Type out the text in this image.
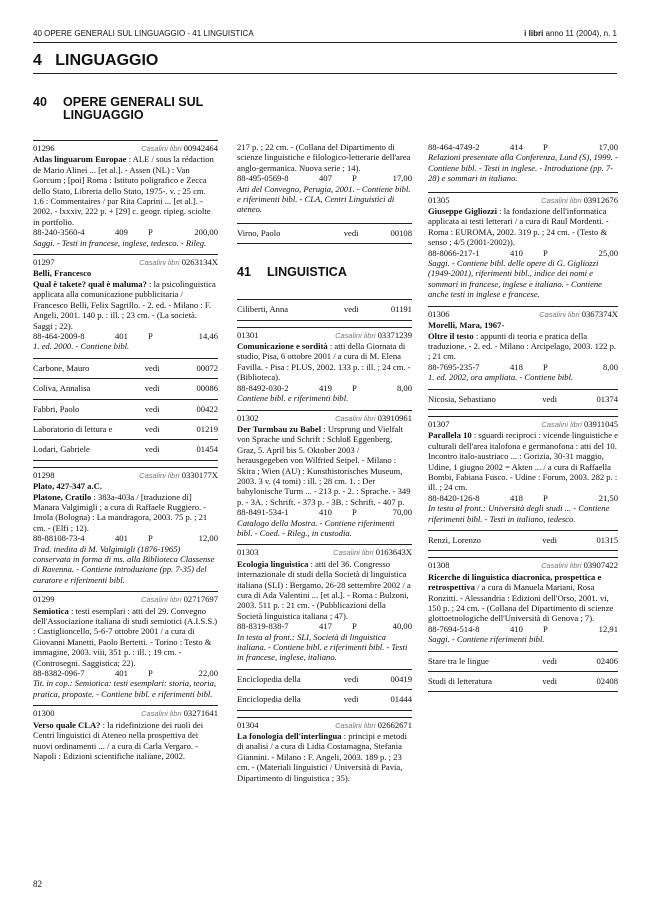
40 OPERE GENERALI SUL LINGUAGGIO - 41 LINGUISTICA	i libri anno 11 (2004), n. 1
4 LINGUAGGIO
40	OPERE GENERALI SUL LINGUAGGIO
01296	Casalini libri 00942464
Atlas linguarum Europae : ALE / sous la rédaction de Mario Alinei ... [et al.]. - Assen (NL) : Van Gorcum ; [poi] Roma : Istituto poligrafico e Zecca dello Stato, Libreria dello Stato, 1975-. v. ; 25 cm. 1.6 : Commentaires / par Rita Caprini ... [et al.]. - 2002. - lxxxiv, 222 p. + [29] c. geogr. ripieg. sciolte in portfolio.
88-240-3560-4	409	P	200,00
Saggi. - Testi in francese, inglese, tedesco. - Rileg.
01297	Casalini libri 0263134X
Belli, Francesco
Qual è takete? qual è maluma? : la psicolinguistica applicata alla comunicazione pubblicitaria / Francesco Belli, Felix Sagrillo. - 2. ed. - Milano : F. Angeli, 2001. 140 p. : ill. ; 23 cm. - (La società. Saggi ; 22).
88-464-2009-8	401	P	14,46
1. ed. 2000. - Contiene bibl.
Carbone, Mauro	vedi	00072
Coliva, Annalisa	vedi	00086
Fabbri, Paolo	vedi	00422
Laboratorio di lettura e	vedi	01219
Lodari, Gabriele	vedi	01454
01298	Casalini libri 0330177X
Plato, 427-347 a.C.
Platone, Cratilo : 383a-403a / [traduzione di] Manara Valgimigli ; a cura di Raffaele Ruggiero. - Imola (Bologna) : La mandragora, 2003. 75 p. ; 21 cm. - (Elfi ; 12).
88-88108-73-4	401	P	12,00
Trad. inedita di M. Valgimigli (1876-1965) conservata in forma di ms. alla Biblioteca Classense di Ravenna. - Contiene introduzione (pp. 7-35) del curatore e riferimenti bibl.
01299	Casalini libri 02717697
Semiotica : testi esemplari : atti del 29. Convegno dell'Associazione italiana di studi semiotici (A.I.S.S.) : Castiglioncello, 5-6-7 ottobre 2001 / a cura di Giovanni Manetti, Paolo Bertetti. - Torino : Testo & immagine, 2003. viii, 351 p. : ill. ; 19 cm. - (Controsegni. Saggistica; 22).
88-8382-096-7	401	P	22,00
Tit. in cop.: Semiotica: testi esemplari: storia, teoria, pratica, proposte. - Contiene bibl. e riferimenti bibl.
01300	Casalini libri 03271641
Verso quale CLA? : la ridefinizione dei ruoli dei Centri linguistici di Ateneo nella prospettiva dei nuovi ordinamenti ... / a cura di Carla Vergaro. - Napoli : Edizioni scientifiche italiane, 2002.
217 p. ; 22 cm. - (Collana del Dipartimento di scienze linguistiche e filologico-letterarie dell'area anglo-germanica. Nuova serie ; 14).
88-495-0569-8	407	P	17,00
Atti del Convegno, Perugia, 2001. - Contiene bibl. e riferimenti bibl. - CLA, Centri Linguistici di ateneo.
Virno, Paolo	vedi	00108
41	LINGUISTICA
Ciliberti, Anna	vedi	01191
01301	Casalini libri 03371239
Comunicazione e sordità : atti della Giornata di studio, Pisa, 6 ottobre 2001 / a cura di M. Elena Favilla. - Pisa : PLUS, 2002. 133 p. : ill. ; 24 cm. - (Biblioteca).
88-8492-030-2	419	P	8,00
Contiene bibl. e riferimenti bibl.
01302	Casalini libri 03910961
Der Turmbau zu Babel : Ursprung und Vielfalt von Sprache und Schrift : Schloß Eggenberg, Graz, 5. April bis 5. Oktober 2003 / herausgegeben von Wilfried Seipel. - Milano : Skira ; Wien (AU) : Kunsthistorisches Museum, 2003. 3 v. (4 tomi) : ill. ; 28 cm. 1. : Der babylonische Turm ... - 213 p. - 2. : Sprache. - 349 p. - 3A. : Schrift. - 373 p. - 3B. : Schrift. - 407 p.
88-8491-534-1	410	P	70,00
Catalogo della Mostra. - Contiene riferimenti bibl. - Coed. - Rileg., in custodia.
01303	Casalini libri 0163643X
Ecologia linguistica : atti del 36. Congresso internazionale di studi della Società di linguistica italiana (SLI) : Bergamo, 26-28 settembre 2002 / a cura di Ada Valentini ... [et al.]. - Roma : Bulzoni, 2003. 511 p. : 21 cm. - (Pubblicazioni della Società linguistica italiana ; 47).
88-8319-838-7	417	P	40,00
In testa al front.: SLI, Società di linguistica italiana. - Contiene bibl. e riferimenti bibl. - Testi in francese, inglese, italiano.
Enciclopedia della	vedi	00419
Enciclopedia della	vedi	01444
01304	Casalini libri 02662671
La fonologia dell'interlingua : principi e metodi di analisi / a cura di Lidia Costamagna, Stefania Giannini. - Milano : F. Angeli, 2003. 189 p. ; 23 cm. - (Materiali linguistici / Università di Pavia, Dipartimento di linguistica ; 35).
88-464-4749-2	414	P	17,00
Relazioni presentate alla Conferenza, Lund (S), 1999. - Contiene bibl. - Testi in inglese. - Introduzione (pp. 7-28) e sommari in italiano.
01305	Casalini libri 03912676
Giuseppe Gigliozzi : la fondazione dell'informatica applicata ai testi letterari / a cura di Raul Mordenti. - Roma : EUROMA, 2002. 319 p. ; 24 cm. - (Testo & senso ; 4/5 (2001-2002)).
88-8066-217-1	410	P	25,00
Saggi. - Contiene bibl. delle opere di G. Gigliozzi (1949-2001), riferimenti bibl., indice dei nomi e sommari in francese, inglese e italiano. - Contiene anche testi in inglese e francese.
01306	Casalini libri 0367374X
Morelli, Mara, 1967-
Oltre il testo : appunti di teoria e pratica della traduzione. - 2. ed. - Milano : Arcipelago, 2003. 122 p. ; 21 cm.
88-7695-235-7	418	P	8,00
1. ed. 2002, ora ampliata. - Contiene bibl.
Nicosia, Sebastiano	vedi	01374
01307	Casalini libri 03911045
Parallela 10 : sguardi reciproci : vicende linguistiche e culturali dell'area italofona e germanofona : atti del 10. Incontro italo-austriaco ... : Gorizia, 30-31 maggio, Udine, 1 giugno 2002 = Akten ... / a cura di Raffaella Bombi, Fabiana Fusco. - Udine : Forum, 2003. 282 p. : ill. ; 24 cm.
88-8420-126-8	418	P	21,50
In testa al front.: Università degli studi ... - Contiene riferimenti bibl. - Testi in italiano, tedesco.
Renzi, Lorenzo	vedi	01315
01308	Casalini libri 03907422
Ricerche di linguistica diacronica, prospettica e retrospettiva / a cura di Manuela Mariani, Rosa Ronzitti. - Alessandria : Edizioni dell'Orso, 2001. vi, 150 p. ; 24 cm. - (Collana del Dipartimento di scienze glottoetnologiche dell'Università di Genova ; 7).
88-7694-514-8	410	P	12,91
Saggi. - Contiene riferimenti bibl.
Stare tra le lingue	vedi	02406
Studi di letteratura	vedi	02408
82
